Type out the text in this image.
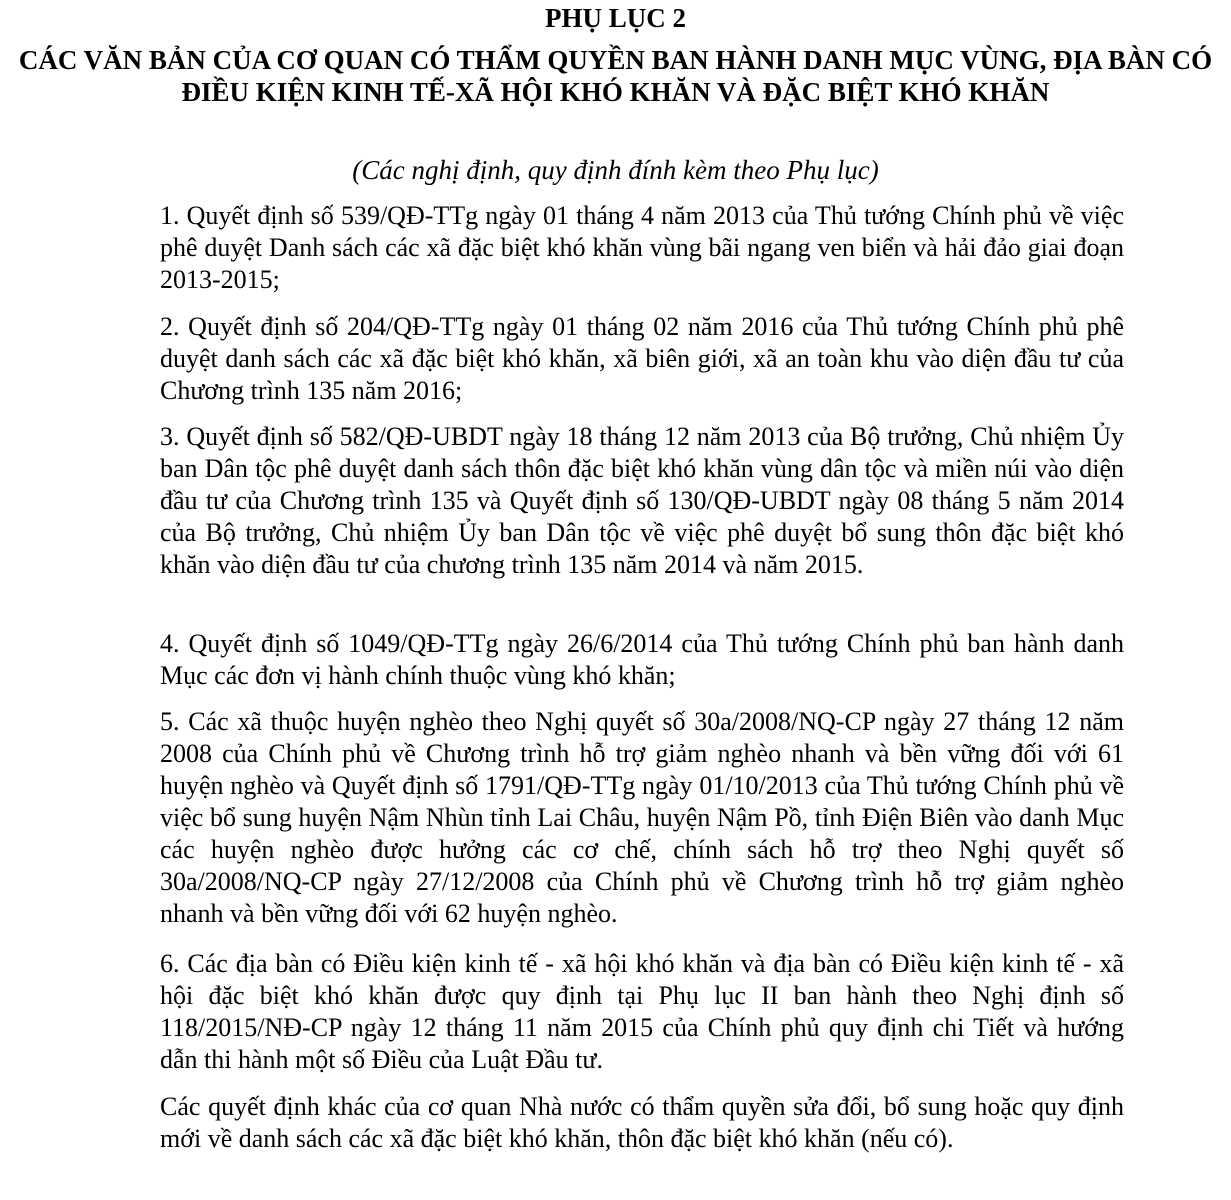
PHỤ LỤC 2
CÁC VĂN BẢN CỦA CƠ QUAN CÓ THẨM QUYỀN BAN HÀNH DANH MỤC VÙNG, ĐỊA BÀN CÓ ĐIỀU KIỆN KINH TẾ-XÃ HỘI KHÓ KHĂN VÀ ĐẶC BIỆT KHÓ KHĂN

(Các nghị định, quy định đính kèm theo Phụ lục)

1. Quyết định số 539/QĐ-TTg ngày 01 tháng 4 năm 2013 của Thủ tướng Chính phủ về việc phê duyệt Danh sách các xã đặc biệt khó khăn vùng bãi ngang ven biển và hải đảo giai đoạn 2013-2015;

2. Quyết định số 204/QĐ-TTg ngày 01 tháng 02 năm 2016 của Thủ tướng Chính phủ phê duyệt danh sách các xã đặc biệt khó khăn, xã biên giới, xã an toàn khu vào diện đầu tư của Chương trình 135 năm 2016;

3. Quyết định số 582/QĐ-UBDT ngày 18 tháng 12 năm 2013 của Bộ trưởng, Chủ nhiệm Ủy ban Dân tộc phê duyệt danh sách thôn đặc biệt khó khăn vùng dân tộc và miền núi vào diện đầu tư của Chương trình 135 và Quyết định số 130/QĐ-UBDT ngày 08 tháng 5 năm 2014 của Bộ trưởng, Chủ nhiệm Ủy ban Dân tộc về việc phê duyệt bổ sung thôn đặc biệt khó khăn vào diện đầu tư của chương trình 135 năm 2014 và năm 2015.

4. Quyết định số 1049/QĐ-TTg ngày 26/6/2014 của Thủ tướng Chính phủ ban hành danh Mục các đơn vị hành chính thuộc vùng khó khăn;

5. Các xã thuộc huyện nghèo theo Nghị quyết số 30a/2008/NQ-CP ngày 27 tháng 12 năm 2008 của Chính phủ về Chương trình hỗ trợ giảm nghèo nhanh và bền vững đối với 61 huyện nghèo và Quyết định số 1791/QĐ-TTg ngày 01/10/2013 của Thủ tướng Chính phủ về việc bổ sung huyện Nậm Nhùn tỉnh Lai Châu, huyện Nậm Pồ, tỉnh Điện Biên vào danh Mục các huyện nghèo được hưởng các cơ chế, chính sách hỗ trợ theo Nghị quyết số 30a/2008/NQ-CP ngày 27/12/2008 của Chính phủ về Chương trình hỗ trợ giảm nghèo nhanh và bền vững đối với 62 huyện nghèo.

6. Các địa bàn có Điều kiện kinh tế - xã hội khó khăn và địa bàn có Điều kiện kinh tế - xã hội đặc biệt khó khăn được quy định tại Phụ lục II ban hành theo Nghị định số 118/2015/NĐ-CP ngày 12 tháng 11 năm 2015 của Chính phủ quy định chi Tiết và hướng dẫn thi hành một số Điều của Luật Đầu tư.

Các quyết định khác của cơ quan Nhà nước có thẩm quyền sửa đổi, bổ sung hoặc quy định mới về danh sách các xã đặc biệt khó khăn, thôn đặc biệt khó khăn (nếu có).
